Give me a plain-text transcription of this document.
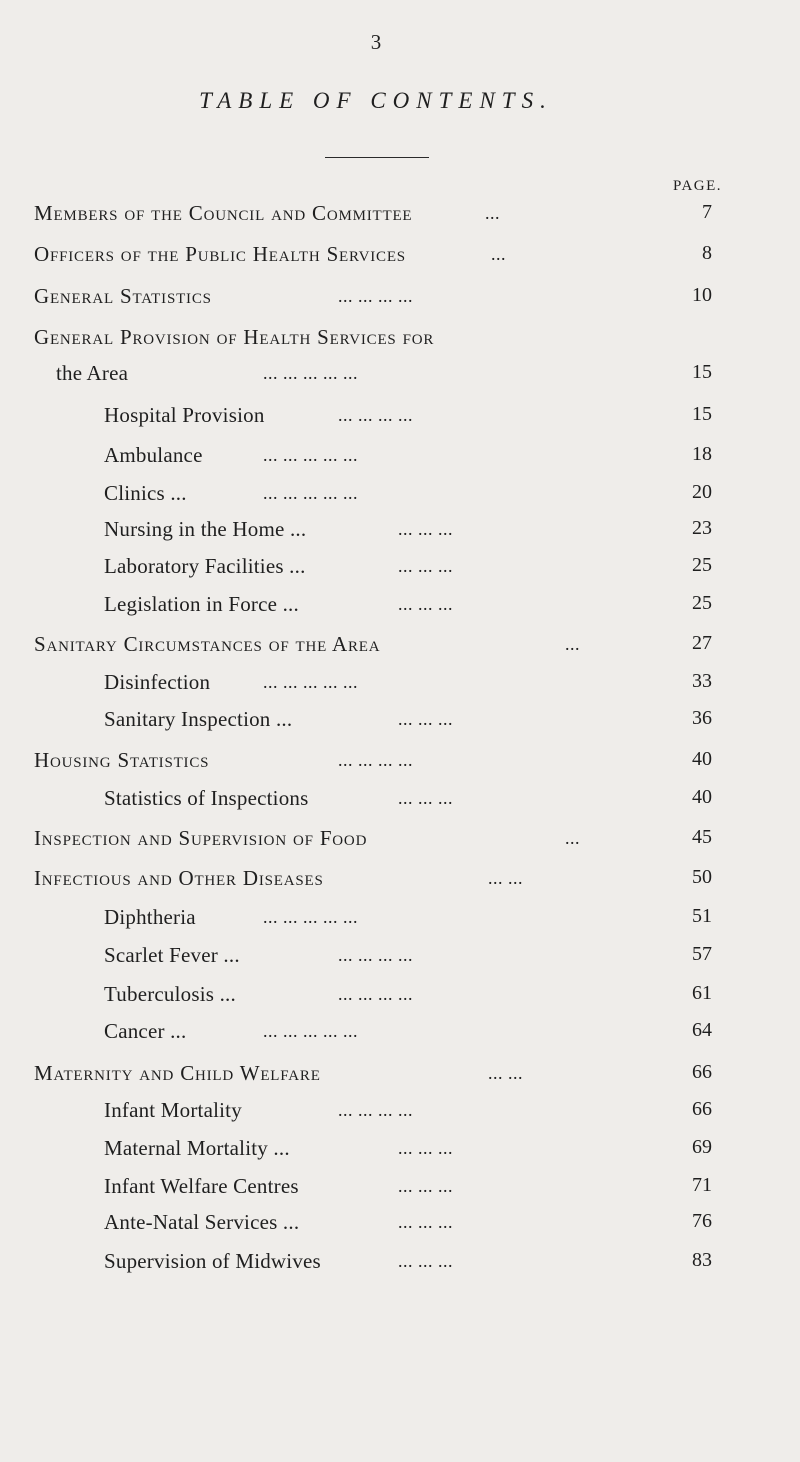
3
TABLE OF CONTENTS.
PAGE.
Members of the Council and Committee	...	7
Officers of the Public Health Services	...	8
General Statistics	... ... ... ...	10
General Provision of Health Services for
the Area	... ... ... ... ...	15
Hospital Provision	... ... ... ...	15
Ambulance	... ... ... ... ...	18
Clinics ...	... ... ... ... ...	20
Nursing in the Home ...	... ... ...	23
Laboratory Facilities ...	... ... ...	25
Legislation in Force ...	... ... ...	25
Sanitary Circumstances of the Area	...	27
Disinfection	... ... ... ... ...	33
Sanitary Inspection ...	... ... ...	36
Housing Statistics	... ... ... ...	40
Statistics of Inspections	... ... ...	40
Inspection and Supervision of Food	...	45
Infectious and Other Diseases	... ...	50
Diphtheria	... ... ... ... ...	51
Scarlet Fever ...	... ... ... ...	57
Tuberculosis ...	... ... ... ...	61
Cancer ...	... ... ... ... ...	64
Maternity and Child Welfare	... ...	66
Infant Mortality	... ... ... ...	66
Maternal Mortality ...	... ... ...	69
Infant Welfare Centres	... ... ...	71
Ante-Natal Services ...	... ... ...	76
Supervision of Midwives	... ... ...	83
